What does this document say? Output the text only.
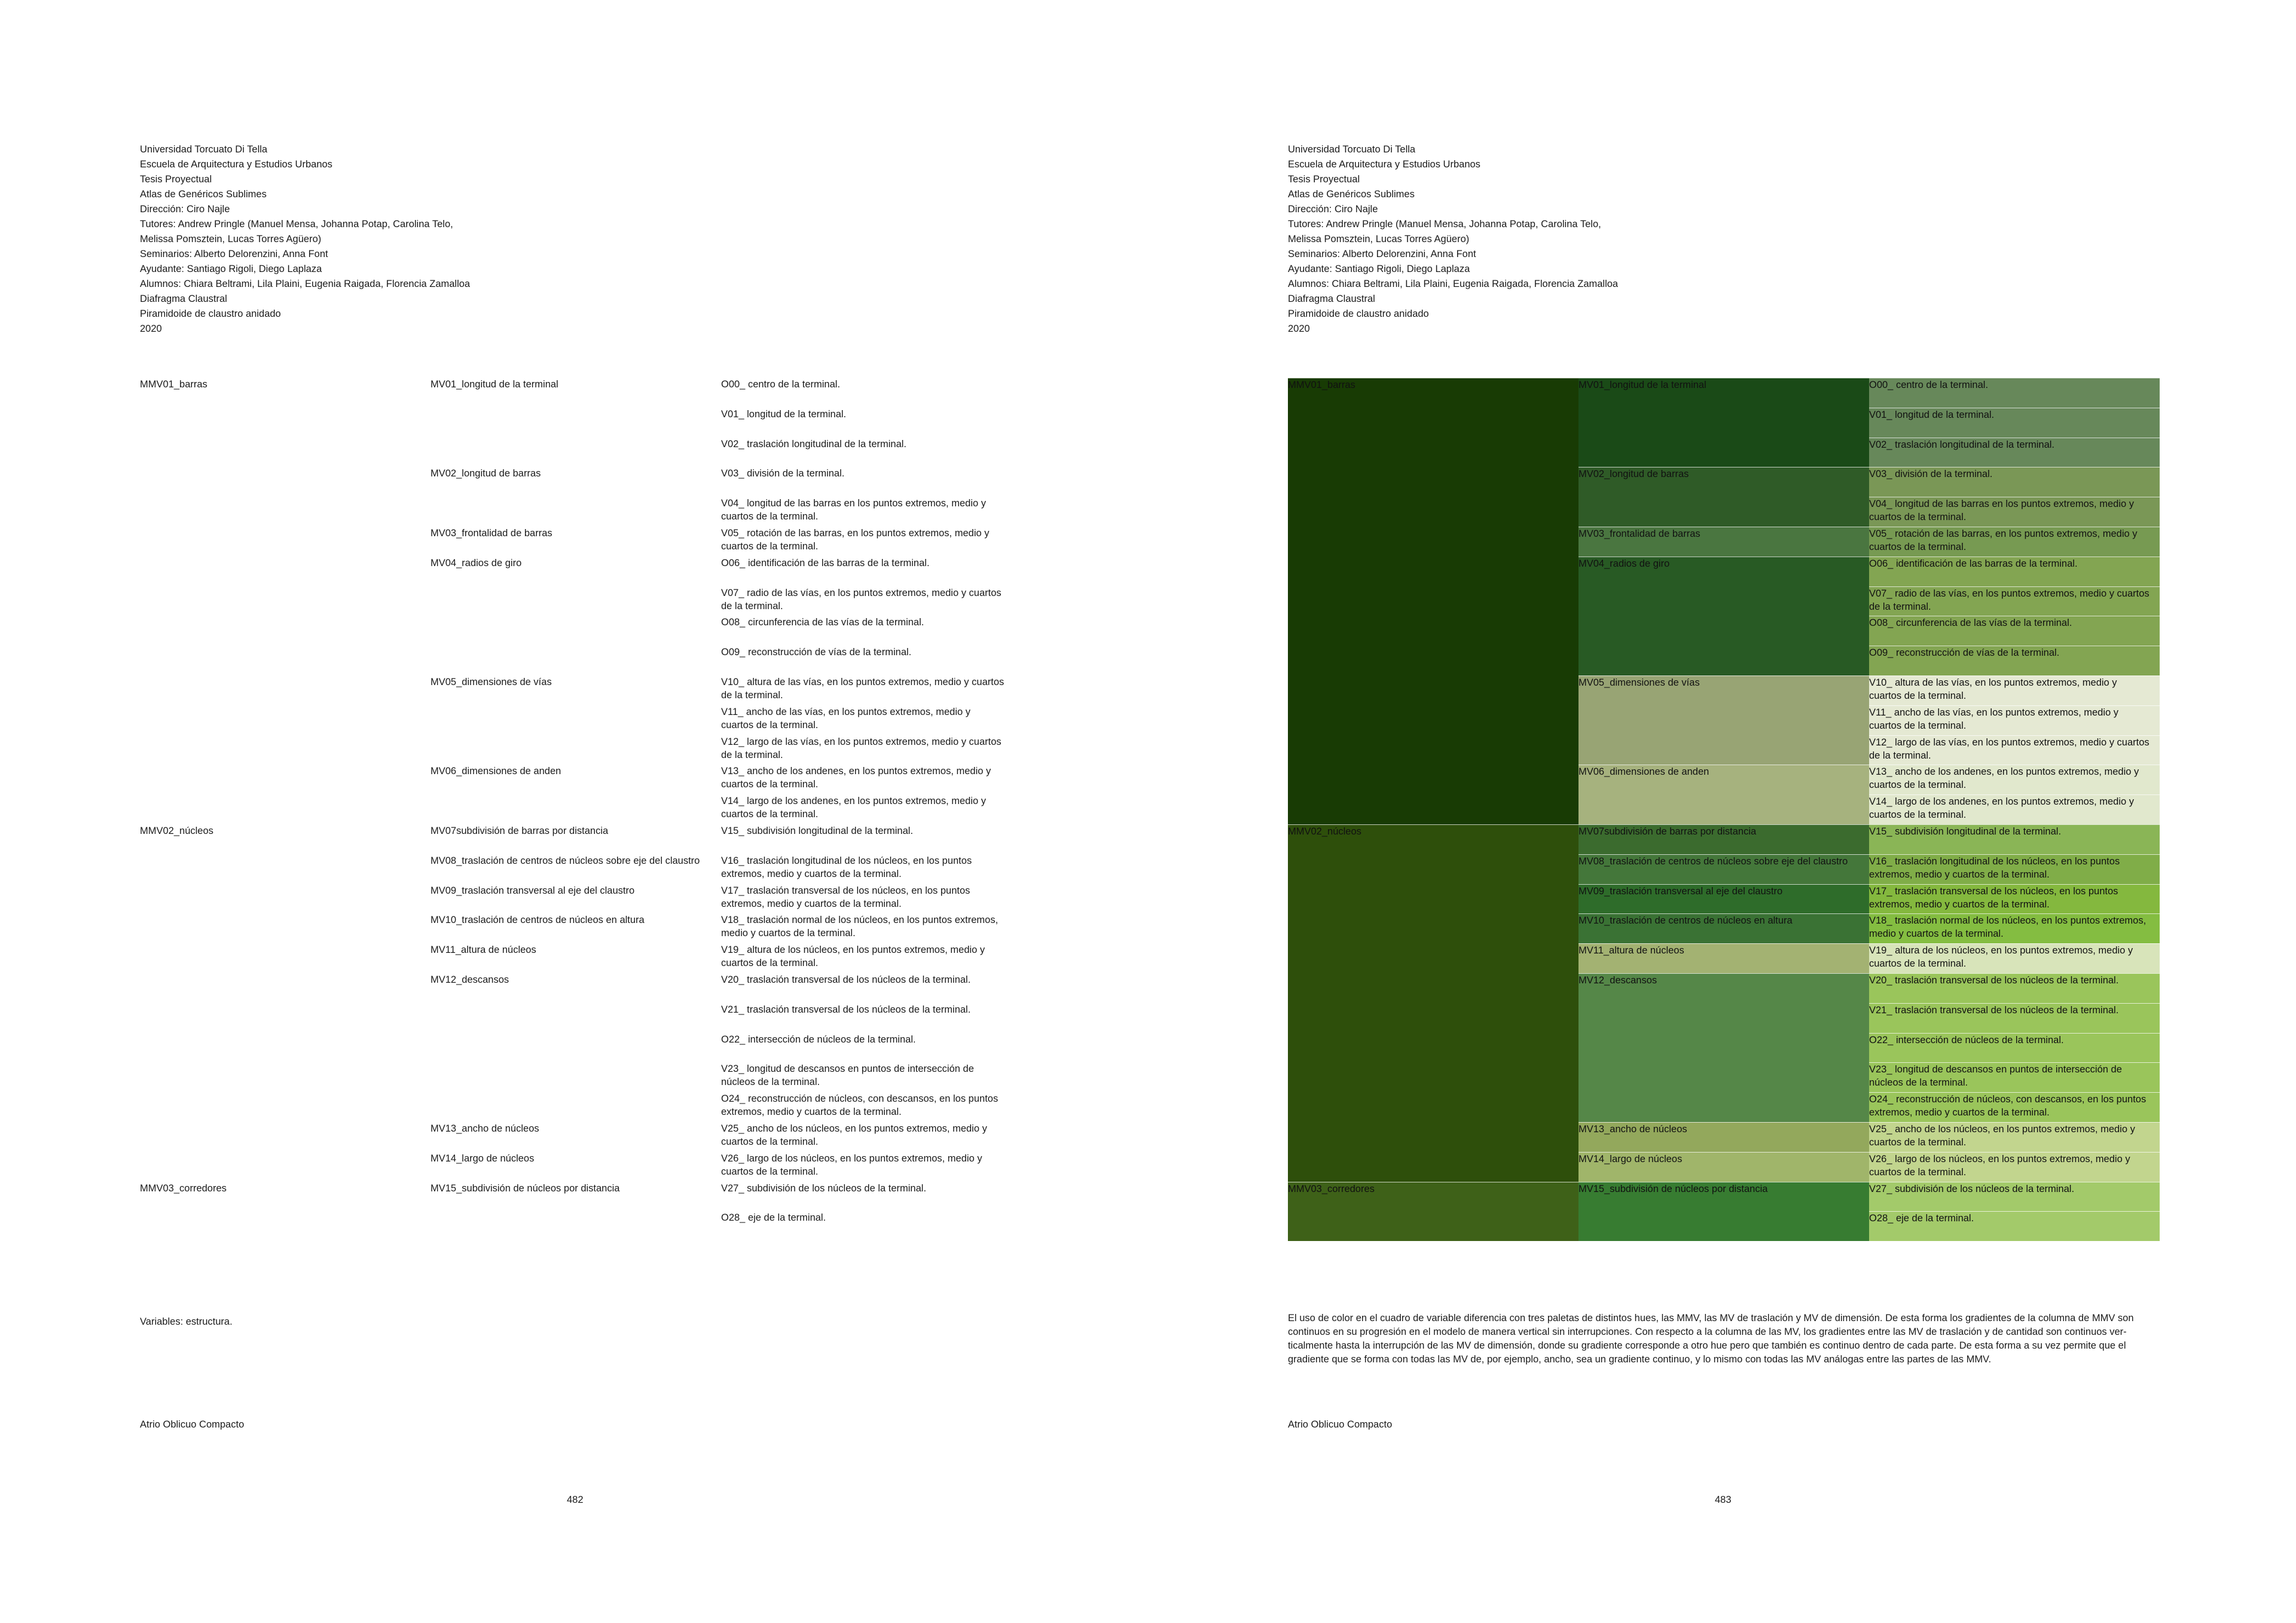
Universidad Torcuato Di Tella
Escuela de Arquitectura y Estudios Urbanos
Tesis Proyectual
Atlas de Genéricos Sublimes
Dirección: Ciro Najle
Tutores: Andrew Pringle (Manuel Mensa, Johanna Potap, Carolina Telo,
Melissa Pomsztein, Lucas Torres Agüero)
Seminarios: Alberto Delorenzini, Anna Font
Ayudante: Santiago Rigoli, Diego Laplaza
Alumnos: Chiara Beltrami, Lila Plaini, Eugenia Raigada, Florencia Zamalloa
Diafragma Claustral
Piramidoide de claustro anidado
2020
MMV01_barras
MMV02_núcleos
MMV03_corredores
MV01_longitud de la terminal
MV02_longitud de barras
MV03_frontalidad de barras
MV04_radios de giro
MV05_dimensiones de vías
MV06_dimensiones de anden
MV07subdivisión de barras por distancia
MV08_traslación de centros de núcleos sobre eje del claustro
MV09_traslación transversal al eje del claustro
MV10_traslación de centros de núcleos en altura
MV11_altura de núcleos
MV12_descansos
MV13_ancho de núcleos
MV14_largo de núcleos
MV15_subdivisión de núcleos por distancia
O00_ centro de la terminal.
V01_ longitud de la terminal.
V02_ traslación longitudinal de la terminal.
V03_ división de la terminal.
V04_ longitud de las barras en los puntos extremos, medio y cuartos de la terminal.
V05_ rotación de las barras, en los puntos extremos, medio y cuartos de la terminal.
O06_ identificación de las barras de la terminal.
V07_ radio de las vías, en los puntos extremos, medio y cuartos de la terminal.
O08_ circunferencia de las vías de la terminal.
O09_ reconstrucción de vías de la terminal.
V10_ altura de las vías, en los puntos extremos, medio y cuartos de la terminal.
V11_ ancho de las vías, en los puntos extremos, medio y cuartos de la terminal.
V12_ largo de las vías, en los puntos extremos, medio y cuartos de la terminal.
V13_ ancho de los andenes, en los puntos extremos, medio y cuartos de la terminal.
V14_ largo de los andenes, en los puntos extremos, medio y cuartos de la terminal.
V15_ subdivisión longitudinal de la terminal.
V16_ traslación longitudinal de los núcleos, en los puntos extremos, medio y cuartos de la terminal.
V17_ traslación transversal de los núcleos, en los puntos extremos, medio y cuartos de la terminal.
V18_ traslación normal de los núcleos, en los puntos extremos, medio y cuartos de la terminal.
V19_ altura de los núcleos, en los puntos extremos, medio y cuartos de la terminal.
V20_ traslación transversal de los núcleos de la terminal.
V21_ traslación transversal de los núcleos de la terminal.
O22_ intersección de núcleos de la terminal.
V23_ longitud de descansos en puntos de intersección de núcleos de la terminal.
O24_ reconstrucción de núcleos, con descansos, en los puntos extremos, medio y cuartos de la terminal.
V25_ ancho de los núcleos, en los puntos extremos, medio y cuartos de la terminal.
V26_ largo de los núcleos, en los puntos extremos, medio y cuartos de la terminal.
V27_ subdivisión de los núcleos de la terminal.
O28_ eje de la terminal.
Variables: estructura.
Atrio Oblicuo Compacto
482
Universidad Torcuato Di Tella
Escuela de Arquitectura y Estudios Urbanos
Tesis Proyectual
Atlas de Genéricos Sublimes
Dirección: Ciro Najle
Tutores: Andrew Pringle (Manuel Mensa, Johanna Potap, Carolina Telo,
Melissa Pomsztein, Lucas Torres Agüero)
Seminarios: Alberto Delorenzini, Anna Font
Ayudante: Santiago Rigoli, Diego Laplaza
Alumnos: Chiara Beltrami, Lila Plaini, Eugenia Raigada, Florencia Zamalloa
Diafragma Claustral
Piramidoide de claustro anidado
2020
MMV01_barras
MMV02_núcleos
MMV03_corredores
MV01_longitud de la terminal
MV02_longitud de barras
MV03_frontalidad de barras
MV04_radios de giro
MV05_dimensiones de vías
MV06_dimensiones de anden
MV07subdivisión de barras por distancia
MV08_traslación de centros de núcleos sobre eje del claustro
MV09_traslación transversal al eje del claustro
MV10_traslación de centros de núcleos en altura
MV11_altura de núcleos
MV12_descansos
MV13_ancho de núcleos
MV14_largo de núcleos
MV15_subdivisión de núcleos por distancia
O00_ centro de la terminal.
V01_ longitud de la terminal.
V02_ traslación longitudinal de la terminal.
V03_ división de la terminal.
V04_ longitud de las barras en los puntos extremos, medio y cuartos de la terminal.
V05_ rotación de las barras, en los puntos extremos, medio y cuartos de la terminal.
O06_ identificación de las barras de la terminal.
V07_ radio de las vías, en los puntos extremos, medio y cuartos de la terminal.
O08_ circunferencia de las vías de la terminal.
O09_ reconstrucción de vías de la terminal.
V10_ altura de las vías, en los puntos extremos, medio y cuartos de la terminal.
V11_ ancho de las vías, en los puntos extremos, medio y cuartos de la terminal.
V12_ largo de las vías, en los puntos extremos, medio y cuartos de la terminal.
V13_ ancho de los andenes, en los puntos extremos, medio y cuartos de la terminal.
V14_ largo de los andenes, en los puntos extremos, medio y cuartos de la terminal.
V15_ subdivisión longitudinal de la terminal.
V16_ traslación longitudinal de los núcleos, en los puntos extremos, medio y cuartos de la terminal.
V17_ traslación transversal de los núcleos, en los puntos extremos, medio y cuartos de la terminal.
V18_ traslación normal de los núcleos, en los puntos extremos, medio y cuartos de la terminal.
V19_ altura de los núcleos, en los puntos extremos, medio y cuartos de la terminal.
V20_ traslación transversal de los núcleos de la terminal.
V21_ traslación transversal de los núcleos de la terminal.
O22_ intersección de núcleos de la terminal.
V23_ longitud de descansos en puntos de intersección de núcleos de la terminal.
O24_ reconstrucción de núcleos, con descansos, en los puntos extremos, medio y cuartos de la terminal.
V25_ ancho de los núcleos, en los puntos extremos, medio y cuartos de la terminal.
V26_ largo de los núcleos, en los puntos extremos, medio y cuartos de la terminal.
V27_ subdivisión de los núcleos de la terminal.
O28_ eje de la terminal.
El uso de color en el cuadro de variable diferencia con tres paletas de distintos hues, las MMV, las MV de traslación y MV de dimensión. De esta forma los gradientes de la columna de MMV son continuos en su progresión en el modelo de manera vertical sin interrupciones. Con respecto a la columna de las MV, los gradientes entre las MV de traslación y de cantidad son continuos ver-ticalmente hasta la interrupción de las MV de dimensión, donde su gradiente corresponde a otro hue pero que también es continuo dentro de cada parte. De esta forma a su vez permite que el gradiente que se forma con todas las MV de, por ejemplo, ancho, sea un gradiente continuo, y lo mismo con todas las MV análogas entre las partes de las MMV.
Atrio Oblicuo Compacto
483
